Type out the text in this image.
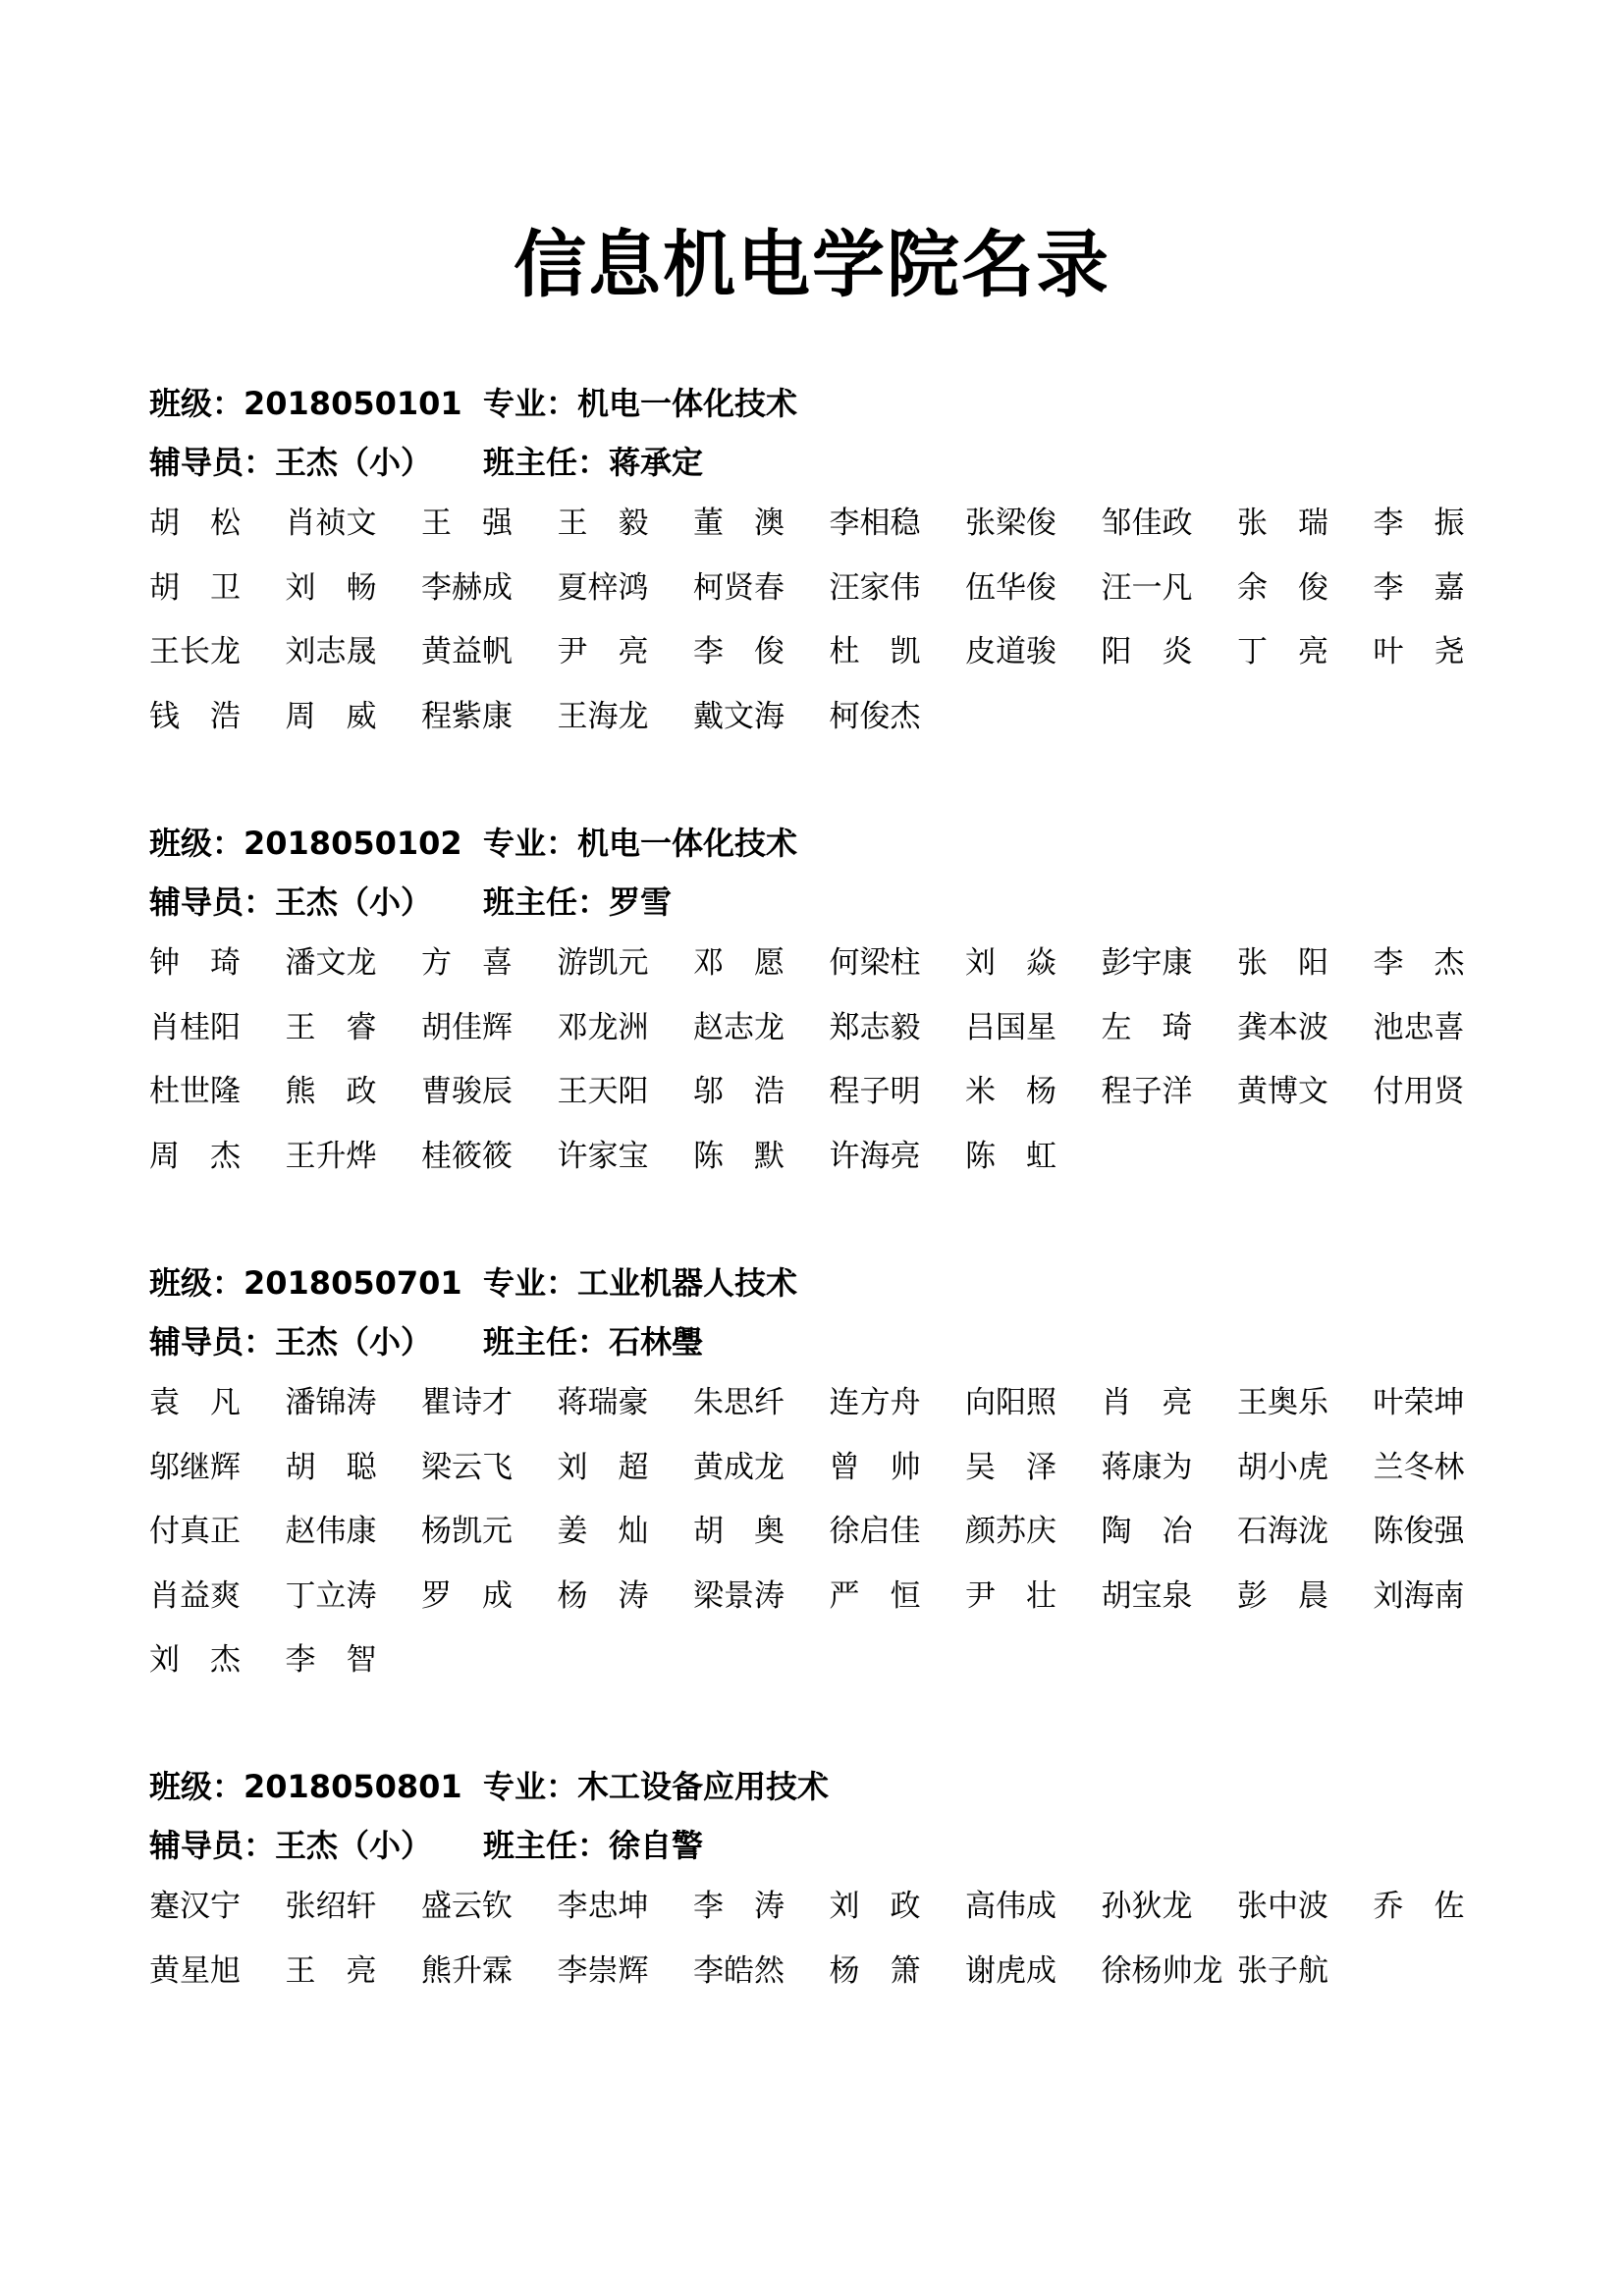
信息机电学院名录
班级：2018050101 专业：机电一体化技术
辅导员：王杰（小） 班主任：蒋承定
胡　松	肖祯文	王　强	王　毅	董　澳	李相稳	张梁俊	邹佳政	张　瑞	李　振
胡　卫	刘　畅	李赫成	夏梓鸿	柯贤春	汪家伟	伍华俊	汪一凡	余　俊	李　嘉
王长龙	刘志晟	黄益帆	尹　亮	李　俊	杜　凯	皮道骏	阳　炎	丁　亮	叶　尧
钱　浩	周　威	程紫康	王海龙	戴文海	柯俊杰
班级：2018050102 专业：机电一体化技术
辅导员：王杰（小） 班主任：罗雪
钟　琦	潘文龙	方　喜	游凯元	邓　愿	何梁柱	刘　焱	彭宇康	张　阳	李　杰
肖桂阳	王　睿	胡佳辉	邓龙洲	赵志龙	郑志毅	吕国星	左　琦	龚本波	池忠喜
杜世隆	熊　政	曹骏辰	王天阳	邬　浩	程子明	米　杨	程子洋	黄博文	付用贤
周　杰	王升烨	桂筱筱	许家宝	陈　默	许海亮	陈　虹
班级：2018050701 专业：工业机器人技术
辅导员：王杰（小） 班主任：石林璺
袁　凡	潘锦涛	瞿诗才	蒋瑞豪	朱思纤	连方舟	向阳照	肖　亮	王奥乐	叶荣坤
邬继辉	胡　聪	梁云飞	刘　超	黄成龙	曾　帅	吴　泽	蒋康为	胡小虎	兰冬林
付真正	赵伟康	杨凯元	姜　灿	胡　奥	徐启佳	颜苏庆	陶　冶	石海泷	陈俊强
肖益爽	丁立涛	罗　成	杨　涛	梁景涛	严　恒	尹　壮	胡宝泉	彭　晨	刘海南
刘　杰	李　智
班级：2018050801 专业：木工设备应用技术
辅导员：王杰（小） 班主任：徐自警
蹇汉宁	张绍轩	盛云钦	李忠坤	李　涛	刘　政	高伟成	孙狄龙	张中波	乔　佐
黄星旭	王　亮	熊升霖	李崇辉	李皓然	杨　箫	谢虎成	徐杨帅龙 张子航
